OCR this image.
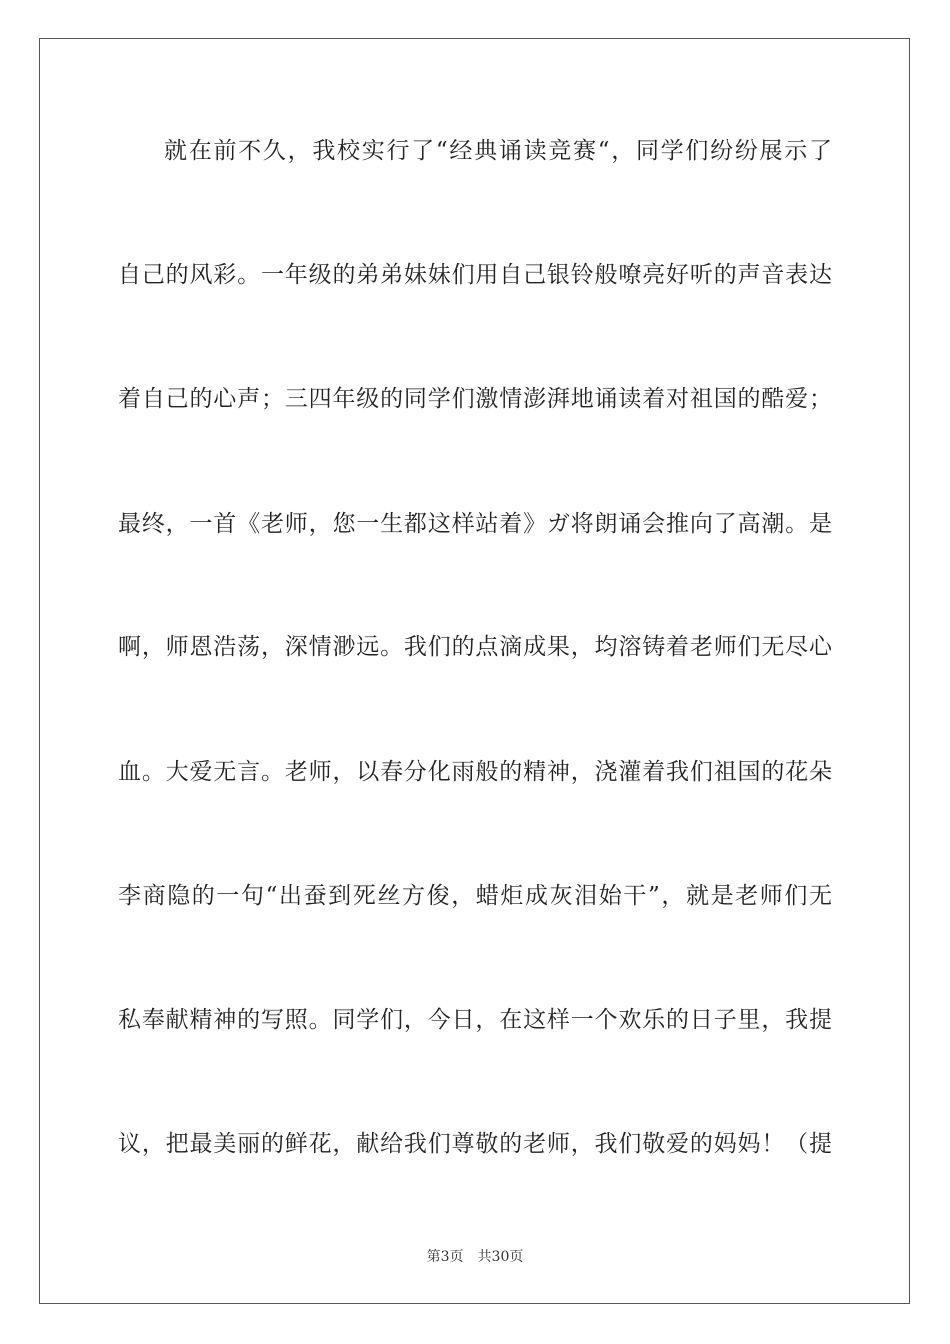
就在前不久，我校实行了“经典诵读竞赛“，同学们纷纷展示了
自己的风彩。一年级的弟弟妹妹们用自己银铃般嘹亮好听的声音表达
着自己的心声；三四年级的同学们激情澎湃地诵读着对祖国的酷爱；
最终，一首《老师，您一生都这样站着》ガ将朗诵会推向了高潮。是
啊，师恩浩荡，深情渺远。我们的点滴成果，均溶铸着老师们无尽心
血。大爱无言。老师，以春分化雨般的精神，浇灌着我们祖国的花朵
李商隐的一句“出蚕到死丝方俊，蜡炬成灰泪始干”，就是老师们无
私奉献精神的写照。同学们，今日，在这样一个欢乐的日子里，我提
议，把最美丽的鲜花，献给我们尊敬的老师，我们敬爱的妈妈！（提
第3页 共30页
